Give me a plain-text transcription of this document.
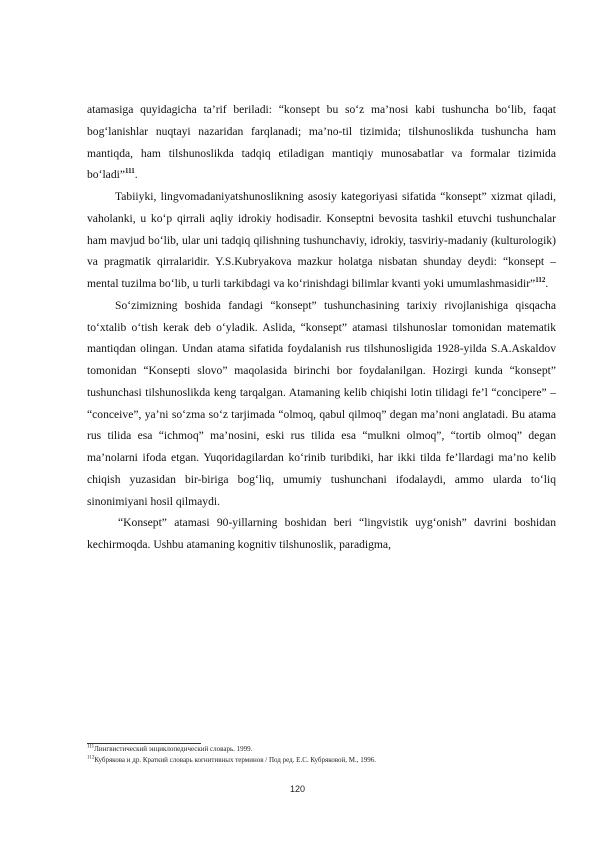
atamasiga quyidagicha ta’rif beriladi: “konsept bu so‘z ma’nosi kabi tushuncha bo‘lib, faqat bog‘lanishlar nuqtayi nazaridan farqlanadi; ma’no-til tizimida; tilshunoslikda tushuncha ham mantiqda, ham tilshunoslikda tadqiq etiladigan mantiqiy munosabatlar va formalar tizimida bo‘ladi”$^{111}$.

Tabiiyki, lingvomadaniyatshunoslikning asosiy kategoriyasi sifatida “konsept” xizmat qiladi, vaholanki, u ko‘p qirrali aqliy idrokiy hodisadir. Konseptni bevosita tashkil etuvchi tushunchalar ham mavjud bo‘lib, ular uni tadqiq qilishning tushunchaviy, idrokiy, tasviriy-madaniy (kulturologik) va pragmatik qirralaridir. Y.S.Kubryakova mazkur holatga nisbatan shunday deydi: “konsept – mental tuzilma bo‘lib, u turli tarkibdagi va ko‘rinishdagi bilimlar kvanti yoki umumlashmasidir”$^{112}$.

So‘zimizning boshida fandagi “konsept” tushunchasining tarixiy rivojlanishiga qisqacha to‘xtalib o‘tish kerak deb o‘yladik. Aslida, “konsept” atamasi tilshunoslar tomonidan matematik mantiqdan olingan. Undan atama sifatida foydalanish rus tilshunosligida 1928-yilda S.A.Askaldov tomonidan “Konsepti slovo” maqolasida birinchi bor foydalanilgan. Hozirgi kunda “konsept” tushunchasi tilshunoslikda keng tarqalgan. Atamaning kelib chiqishi lotin tilidagi fe’l “concipere” – “conceive”, ya’ni so‘zma so‘z tarjimada “olmoq, qabul qilmoq” degan ma’noni anglatadi. Bu atama rus tilida esa “ichmoq” ma’nosini, eski rus tilida esa “mulkni olmoq”, “tortib olmoq” degan ma’nolarni ifoda etgan. Yuqoridagilardan ko‘rinib turibdiki, har ikki tilda fe’llardagi ma’no kelib chiqish yuzasidan bir-biriga bog‘liq, umumiy tushunchani ifodalaydi, ammo ularda to‘liq sinonimiyani hosil qilmaydi.

“Konsept” atamasi 90-yillarning boshidan beri “lingvistik uyg‘onish” davrini boshidan kechirmoqda. Ushbu atamaning kognitiv tilshunoslik, paradigma,

$^{111}$Лингвистический энциклопедический словарь. 1999.
$^{112}$Кубрякова и др. Краткий словарь когнитивных терминов / Под ред. Е.С. Кубряковой, М., 1996.
120
